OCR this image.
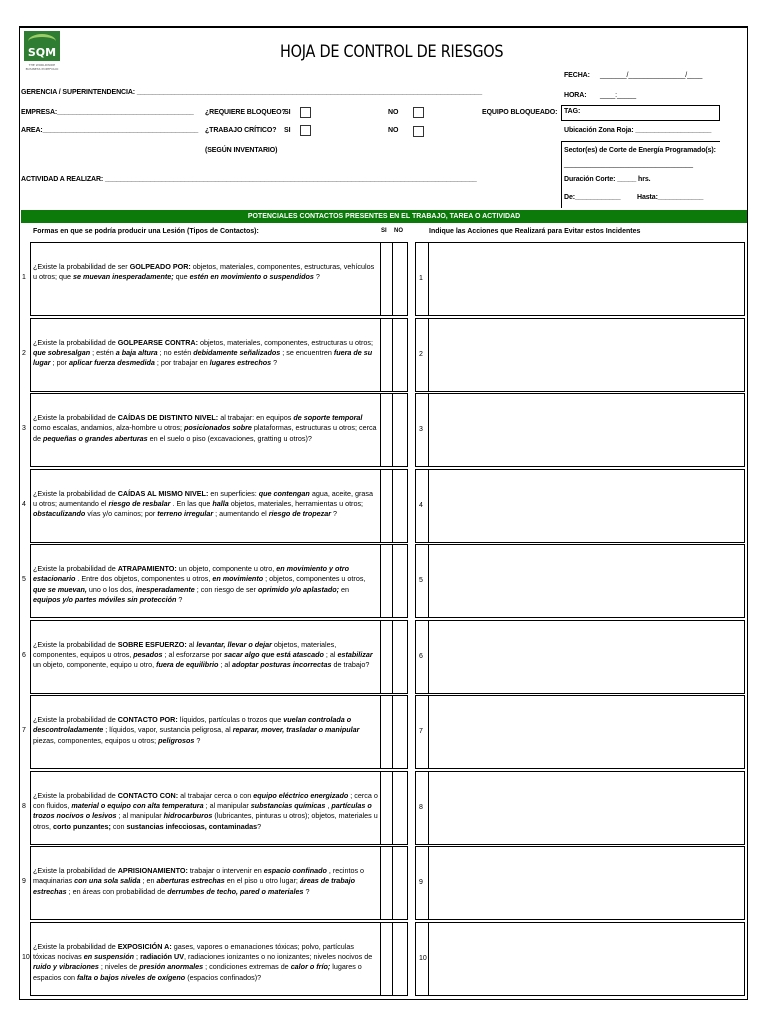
SQM
THE WORLDWIDE BUSINESS PORTFOLIO
HOJA DE CONTROL DE RIESGOS
FECHA: _______/_______________/____
HORA: ____:_____
GERENCIA / SUPERINTENDENCIA: ___________________________________________________________________________________________
EMPRESA:____________________________________ ¿REQUIERE BLOQUEO?
SI	NO	EQUIPO BLOQUEADO: TAG:
AREA:_________________________________________ ¿TRABAJO CRÍTICO? SI	NO	Ubicación Zona Roja: ____________________
(SEGÚN INVENTARIO)	Sector(es) de Corte de Energía Programado(s):
__________________________________
ACTIVIDAD A REALIZAR: __________________________________________________________________________________________________	Duración Corte: _____ hrs.
De:____________ Hasta:____________
POTENCIALES CONTACTOS PRESENTES EN EL TRABAJO, TAREA O ACTIVIDAD
Formas en que se podría producir una Lesión (Tipos de Contactos):	SI NO	Indique las Acciones que Realizará para Evitar estos Incidentes
1
¿Existe la probabilidad de ser GOLPEADO POR: objetos, materiales, componentes, estructuras, vehículos u otros; que se muevan inesperadamente; que estén en movimiento o suspendidos ?	1
2
¿Existe la probabilidad de GOLPEARSE CONTRA: objetos, materiales, componentes, estructuras u otros; que sobresalgan ; estén a baja altura ; no estén debidamente señalizados ; se encuentren fuera de su lugar ; por aplicar fuerza desmedida ; por trabajar en lugares estrechos ?
2
3
¿Existe la probabilidad de CAÍDAS DE DISTINTO NIVEL: al trabajar: en equipos de soporte temporal como escalas, andamios, alza-hombre u otros; posicionados sobre plataformas, estructuras u otros; cerca de pequeñas o grandes aberturas en el suelo o piso (excavaciones, gratting u otros)?
3
4
¿Existe la probabilidad de CAÍDAS AL MISMO NIVEL: en superficies: que contengan agua, aceite, grasa u otros; aumentando el riesgo de resbalar . En las que halla objetos, materiales, herramientas u otros; obstaculizando vías y/o caminos; por terreno irregular ; aumentando el riesgo de tropezar ?
4
5
¿Existe la probabilidad de ATRAPAMIENTO: un objeto, componente u otro, en movimiento y otro estacionario . Entre dos objetos, componentes u otros, en movimiento ; objetos, componentes u otros, que se muevan, uno o los dos, inesperadamente ; con riesgo de ser oprimido y/o aplastado; en equipos y/o partes móviles sin protección ?
5
6
¿Existe la probabilidad de SOBRE ESFUERZO: al levantar, llevar o dejar objetos, materiales, componentes, equipos u otros, pesados ; al esforzarse por sacar algo que está atascado ; al estabilizar un objeto, componente, equipo u otro, fuera de equilibrio ; al adoptar posturas incorrectas de trabajo?
6
7
¿Existe la probabilidad de CONTACTO POR: líquidos, partículas o trozos que vuelan controlada o descontroladamente ; líquidos, vapor, sustancia peligrosa, al reparar, mover, trasladar o manipular piezas, componentes, equipos u otros; peligrosos ?
7
8
¿Existe la probabilidad de CONTACTO CON: al trabajar cerca o con equipo eléctrico energizado ; cerca o con fluidos, material o equipo con alta temperatura ; al manipular substancias químicas , partículas o trozos nocivos o lesivos ; al manipular hidrocarburos (lubricantes, pinturas u otros); objetos, materiales u otros, corto punzantes; con sustancias infecciosas, contaminadas?
8
9
¿Existe la probabilidad de APRISIONAMIENTO: trabajar o intervenir en espacio confinado , recintos o maquinarias con una sola salida ; en aberturas estrechas en el piso u otro lugar; áreas de trabajo estrechas ; en áreas con probabilidad de derrumbes de techo, pared o materiales ?
9
10
¿Existe la probabilidad de EXPOSICIÓN A: gases, vapores o emanaciones tóxicas; polvo, partículas tóxicas nocivas en suspensión ; radiación UV, radiaciones ionizantes o no ionizantes; niveles nocivos de ruido y vibraciones ; niveles de presión anormales ; condiciones extremas de calor o frío; lugares o espacios con falta o bajos niveles de oxígeno (espacios confinados)?
10
